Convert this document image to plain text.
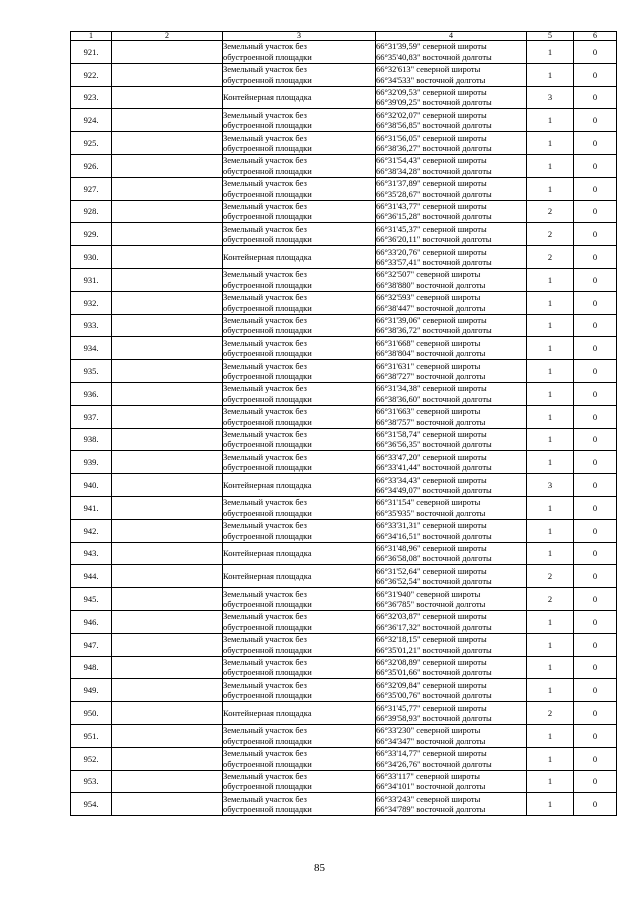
1	2	3	4	5	6
921.		Земельный участок без
обустроенной площадки	66°31'39,59" северной широты
66°35'40,83" восточной долготы	1	0
922.		Земельный участок без
обустроенной площадки	66°32'613" северной широты
66°34'533" восточной долготы	1	0
923.		Контейнерная площадка	66°32'09,53" северной широты
66°39'09,25" восточной долготы	3	0
924.		Земельный участок без
обустроенной площадки	66°32'02,07" северной широты
66°38'56,85" восточной долготы	1	0
925.		Земельный участок без
обустроенной площадки	66°31'56,05" северной широты
66°38'36,27" восточной долготы	1	0
926.		Земельный участок без
обустроенной площадки	66°31'54,43" северной широты
66°38'34,28" восточной долготы	1	0
927.		Земельный участок без
обустроенной площадки	66°31'37,89" северной широты
66°35'28,67" восточной долготы	1	0
928.		Земельный участок без
обустроенной площадки	66°31'43,77" северной широты
66°36'15,28" восточной долготы	2	0
929.		Земельный участок без
обустроенной площадки	66°31'45,37" северной широты
66°36'20,11" восточной долготы	2	0
930.		Контейнерная площадка	66°33'20,76" северной широты
66°33'57,41" восточной долготы	2	0
931.		Земельный участок без
обустроенной площадки	66°32'507" северной широты
66°38'880" восточной долготы	1	0
932.		Земельный участок без
обустроенной площадки	66°32'593" северной широты
66°38'447" восточной долготы	1	0
933.		Земельный участок без
обустроенной площадки	66°31'39,06" северной широты
66°38'36,72" восточной долготы	1	0
934.		Земельный участок без
обустроенной площадки	66°31'668" северной широты
66°38'804" восточной долготы	1	0
935.		Земельный участок без
обустроенной площадки	66°31'631" северной широты
66°38'727" восточной долготы	1	0
936.		Земельный участок без
обустроенной площадки	66°31'34,38" северной широты
66°38'36,60" восточной долготы	1	0
937.		Земельный участок без
обустроенной площадки	66°31'663" северной широты
66°38'757" восточной долготы	1	0
938.		Земельный участок без
обустроенной площадки	66°31'58,74" северной широты
66°36'56,35" восточной долготы	1	0
939.		Земельный участок без
обустроенной площадки	66°33'47,20" северной широты
66°33'41,44" восточной долготы	1	0
940.		Контейнерная площадка	66°33'34,43" северной широты
66°34'49,07" восточной долготы	3	0
941.		Земельный участок без
обустроенной площадки	66°31'154" северной широты
66°35'935" восточной долготы	1	0
942.		Земельный участок без
обустроенной площадки	66°33'31,31" северной широты
66°34'16,51" восточной долготы	1	0
943.		Контейнерная площадка	66°31'48,96" северной широты
66°36'58,08" восточной долготы	1	0
944.		Контейнерная площадка	66°31'52,64" северной широты
66°36'52,54" восточной долготы	2	0
945.		Земельный участок без
обустроенной площадки	66°31'940" северной широты
66°36'785" восточной долготы	2	0
946.		Земельный участок без
обустроенной площадки	66°32'03,87" северной широты
66°36'17,32" восточной долготы	1	0
947.		Земельный участок без
обустроенной площадки	66°32'18,15" северной широты
66°35'01,21" восточной долготы	1	0
948.		Земельный участок без
обустроенной площадки	66°32'08,89" северной широты
66°35'01,66" восточной долготы	1	0
949.		Земельный участок без
обустроенной площадки	66°32'09,84" северной широты
66°35'00,76" восточной долготы	1	0
950.		Контейнерная площадка	66°31'45,77" северной широты
66°39'58,93" восточной долготы	2	0
951.		Земельный участок без
обустроенной площадки	66°33'230" северной широты
66°34'347" восточной долготы	1	0
952.		Земельный участок без
обустроенной площадки	66°33'14,77" северной широты
66°34'26,76" восточной долготы	1	0
953.		Земельный участок без
обустроенной площадки	66°33'117" северной широты
66°34'101" восточной долготы	1	0
954.		Земельный участок без
обустроенной площадки	66°33'243" северной широты
66°34'789" восточной долготы	1	0
85
